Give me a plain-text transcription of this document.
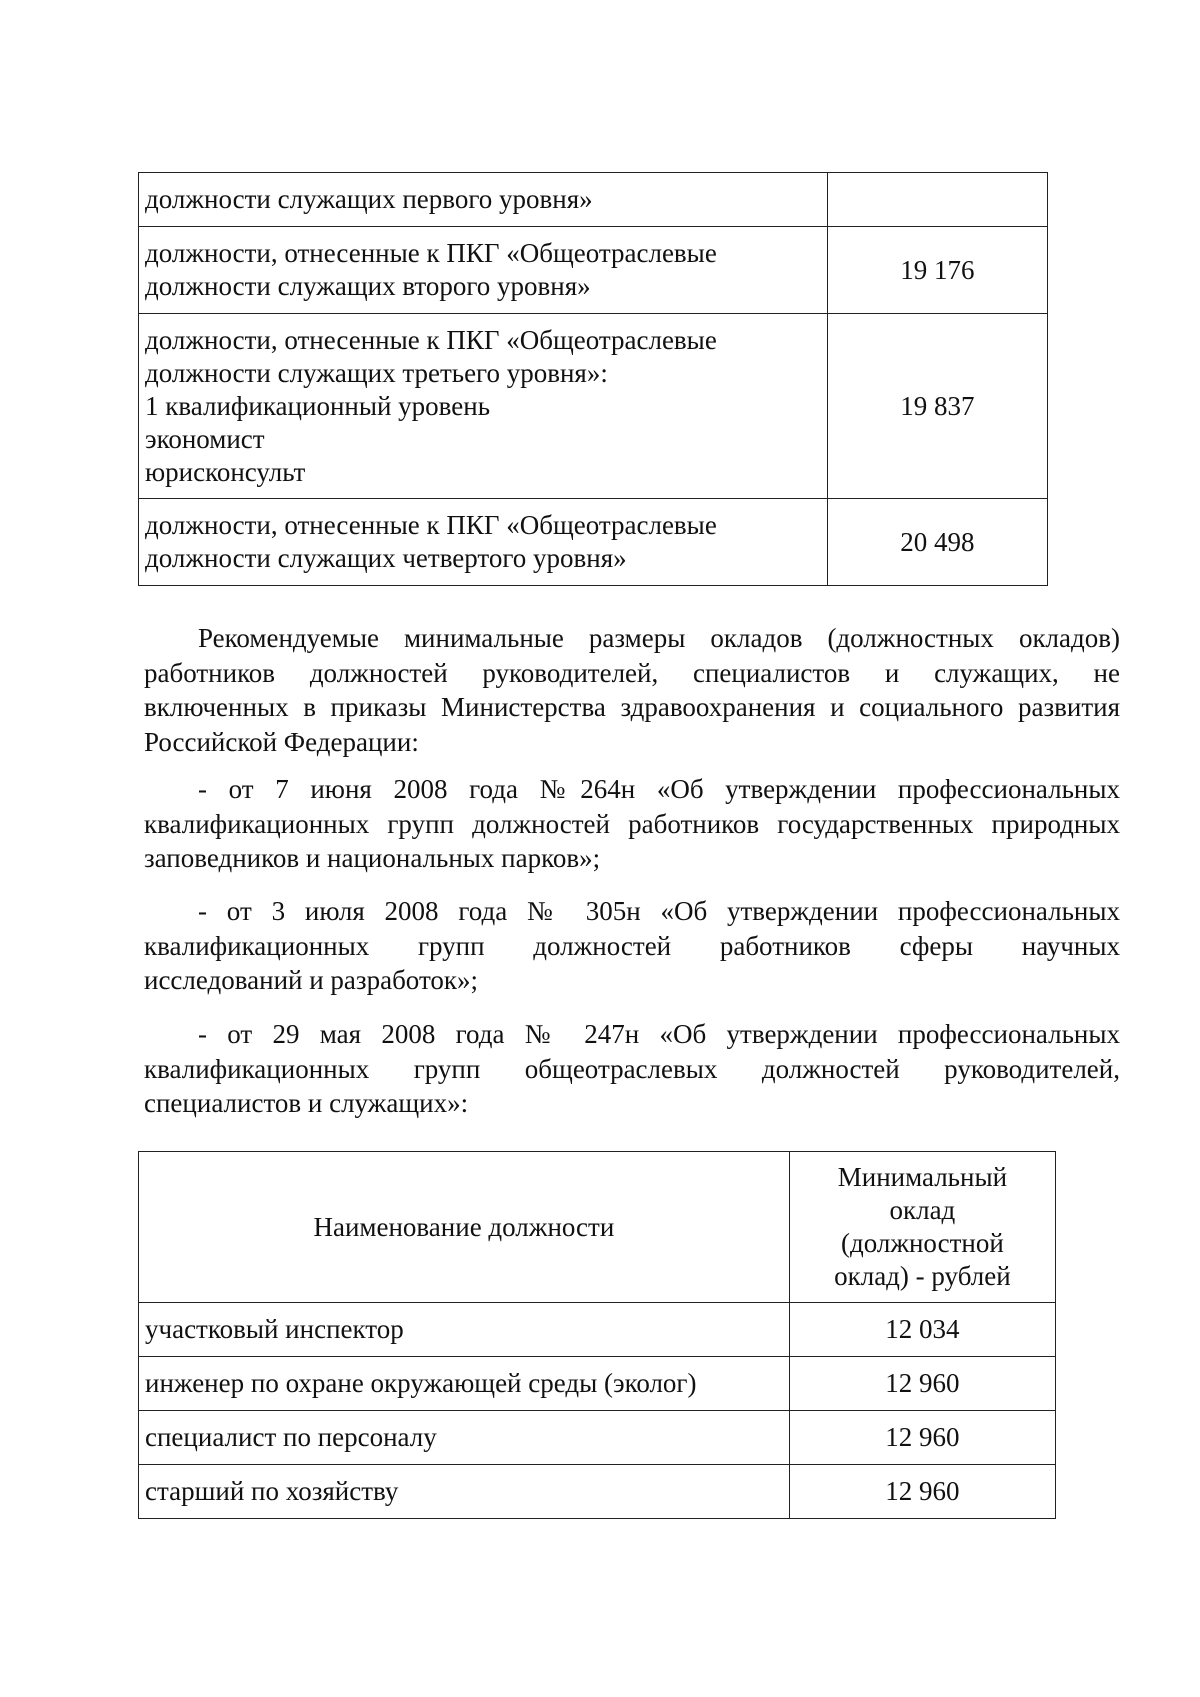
должности служащих первого уровня»	

должности, отнесенные к ПКГ «Общеотраслевые
должности служащих второго уровня»	19 176

должности, отнесенные к ПКГ «Общеотраслевые
должности служащих третьего уровня»:
1 квалификационный уровень
экономист
юрисконсульт	19 837

должности, отнесенные к ПКГ «Общеотраслевые
должности служащих четвертого уровня»	20 498
Рекомендуемые минимальные размеры окладов (должностных окладов)
работников должностей руководителей, специалистов и служащих, не
включенных в приказы Министерства здравоохранения и социального развития
Российской Федерации:
- от 7 июня 2008 года №264н «Об утверждении профессиональных
квалификационных групп должностей работников государственных природных
заповедников и национальных парков»;
- от 3 июля 2008 года № 305н «Об утверждении профессиональных
квалификационных групп должностей работников сферы научных
исследований и разработок»;
- от 29 мая 2008 года № 247н «Об утверждении профессиональных
квалификационных групп общеотраслевых должностей руководителей,
специалистов и служащих»:
Наименование должности	Минимальный
оклад
(должностной
оклад) - рублей

участковый инспектор	12 034
инженер по охране окружающей среды (эколог)	12 960
специалист по персоналу	12 960
старший по хозяйству	12 960
